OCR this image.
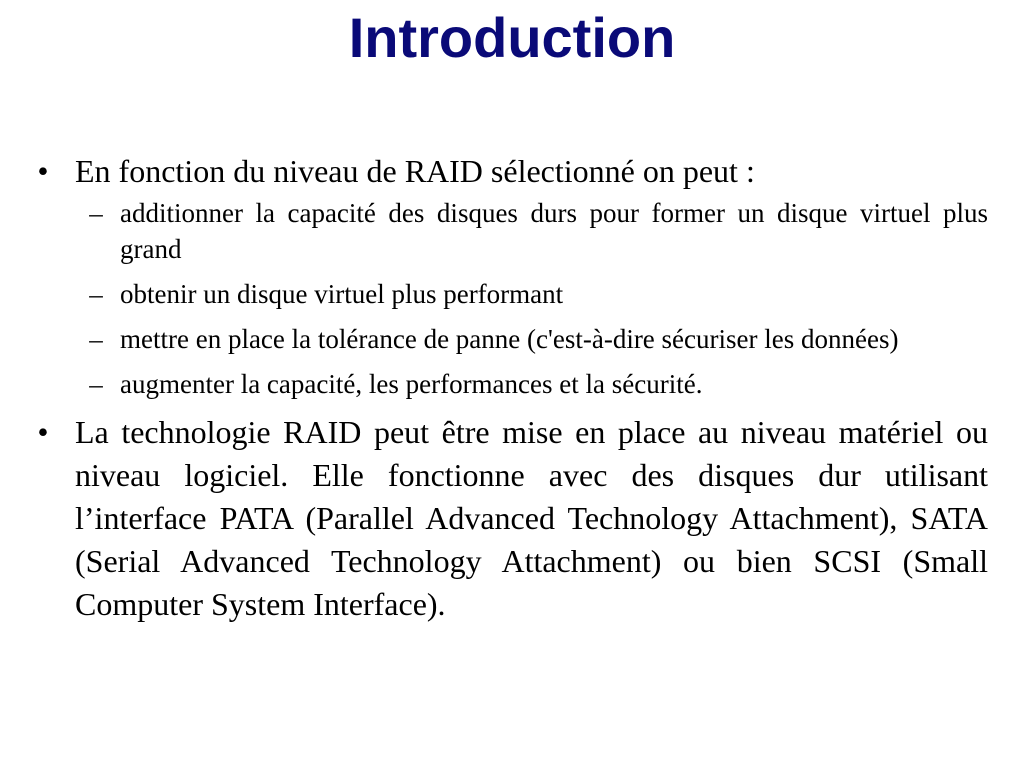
Introduction
• En fonction du niveau de RAID sélectionné on peut :
– additionner la capacité des disques durs pour former un disque virtuel plus grand
– obtenir un disque virtuel plus performant
– mettre en place la tolérance de panne (c'est-à-dire sécuriser les données)
– augmenter la capacité, les performances et la sécurité.
• La technologie RAID peut être mise en place au niveau matériel ou niveau logiciel. Elle fonctionne avec des disques dur utilisant l’interface PATA (Parallel Advanced Technology Attachment), SATA (Serial Advanced Technology Attachment) ou bien SCSI (Small Computer System Interface).
